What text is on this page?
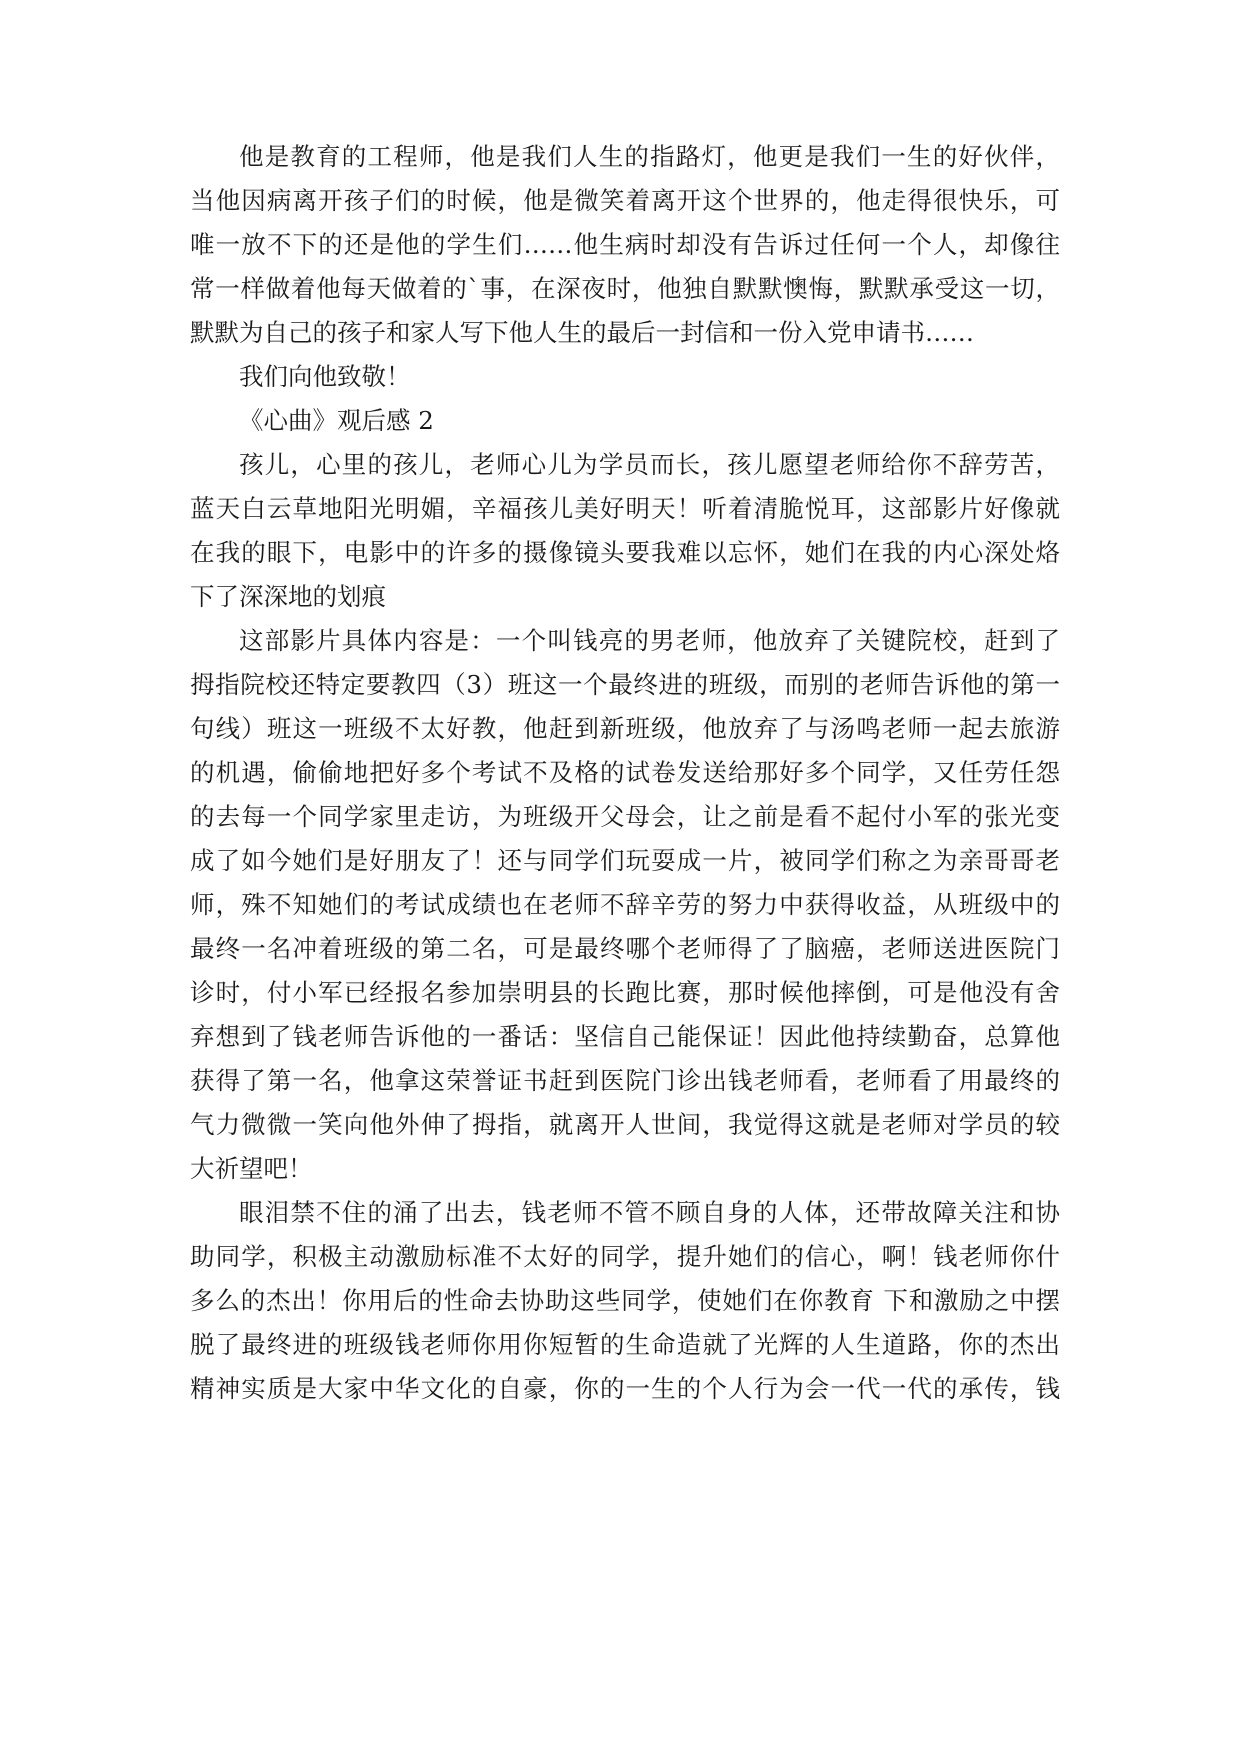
他是教育的工程师，他是我们人生的指路灯，他更是我们一生的好伙伴，
当他因病离开孩子们的时候，他是微笑着离开这个世界的，他走得很快乐，可
唯一放不下的还是他的学生们……他生病时却没有告诉过任何一个人，却像往
常一样做着他每天做着的`事，在深夜时，他独自默默懊悔，默默承受这一切，
默默为自己的孩子和家人写下他人生的最后一封信和一份入党申请书……
我们向他致敬！
《心曲》观后感 2
孩儿，心里的孩儿，老师心儿为学员而长，孩儿愿望老师给你不辞劳苦，
蓝天白云草地阳光明媚，辛福孩儿美好明天！听着清脆悦耳，这部影片好像就
在我的眼下，电影中的许多的摄像镜头要我难以忘怀，她们在我的内心深处烙
下了深深地的划痕
这部影片具体内容是：一个叫钱亮的男老师，他放弃了关键院校，赶到了
拇指院校还特定要教四（3）班这一个最终进的班级，而别的老师告诉他的第一
句线）班这一班级不太好教，他赶到新班级，他放弃了与汤鸣老师一起去旅游
的机遇，偷偷地把好多个考试不及格的试卷发送给那好多个同学，又任劳任怨
的去每一个同学家里走访，为班级开父母会，让之前是看不起付小军的张光变
成了如今她们是好朋友了！还与同学们玩耍成一片，被同学们称之为亲哥哥老
师，殊不知她们的考试成绩也在老师不辞辛劳的努力中获得收益，从班级中的
最终一名冲着班级的第二名，可是最终哪个老师得了了脑癌，老师送进医院门
诊时，付小军已经报名参加崇明县的长跑比赛，那时候他摔倒，可是他没有舍
弃想到了钱老师告诉他的一番话：坚信自己能保证！因此他持续勤奋，总算他
获得了第一名，他拿这荣誉证书赶到医院门诊出钱老师看，老师看了用最终的
气力微微一笑向他外伸了拇指，就离开人世间，我觉得这就是老师对学员的较
大祈望吧！
眼泪禁不住的涌了出去，钱老师不管不顾自身的人体，还带故障关注和协
助同学，积极主动激励标准不太好的同学，提升她们的信心，啊！钱老师你什
多么的杰出！你用后的性命去协助这些同学，使她们在你教育 下和激励之中摆
脱了最终进的班级钱老师你用你短暂的生命造就了光辉的人生道路，你的杰出
精神实质是大家中华文化的自豪，你的一生的个人行为会一代一代的承传，钱
